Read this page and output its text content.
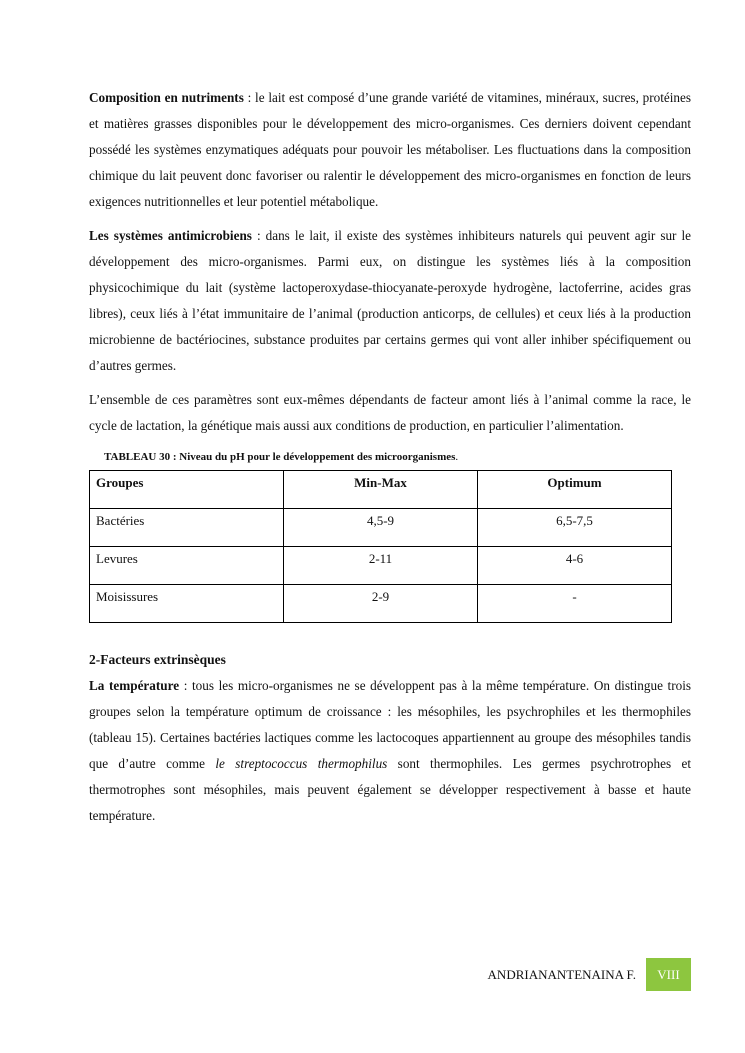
Composition en nutriments : le lait est composé d’une grande variété de vitamines, minéraux, sucres, protéines et matières grasses disponibles pour le développement des micro-organismes. Ces derniers doivent cependant possédé les systèmes enzymatiques adéquats pour pouvoir les métaboliser. Les fluctuations dans la composition chimique du lait peuvent donc favoriser ou ralentir le développement des micro-organismes en fonction de leurs exigences nutritionnelles et leur potentiel métabolique.

Les systèmes antimicrobiens : dans le lait, il existe des systèmes inhibiteurs naturels qui peuvent agir sur le développement des micro-organismes. Parmi eux, on distingue les systèmes liés à la composition physicochimique du lait (système lactoperoxydase-thiocyanate-peroxyde hydrogène, lactoferrine, acides gras libres), ceux liés à l’état immunitaire de l’animal (production anticorps, de cellules) et ceux liés à la production microbienne de bactériocines, substance produites par certains germes qui vont aller inhiber spécifiquement ou d’autres germes.

L’ensemble de ces paramètres sont eux-mêmes dépendants de facteur amont liés à l’animal comme la race, le cycle de lactation, la génétique mais aussi aux conditions de production, en particulier l’alimentation.

TABLEAU 30 : Niveau du pH pour le développement des microorganismes.
Groupes	Min-Max	Optimum
Bactéries	4,5-9	6,5-7,5
Levures	2-11	4-6
Moisissures	2-9	-
2-Facteurs extrinsèques

La température : tous les micro-organismes ne se développent pas à la même température. On distingue trois groupes selon la température optimum de croissance : les mésophiles, les psychrophiles et les thermophiles (tableau 15). Certaines bactéries lactiques comme les lactocoques appartiennent au groupe des mésophiles tandis que d’autre comme le streptococcus thermophilus sont thermophiles. Les germes psychrotrophes et thermotrophes sont mésophiles, mais peuvent également se développer respectivement à basse et haute température.

ANDRIANANTENAINA F.	VIII
